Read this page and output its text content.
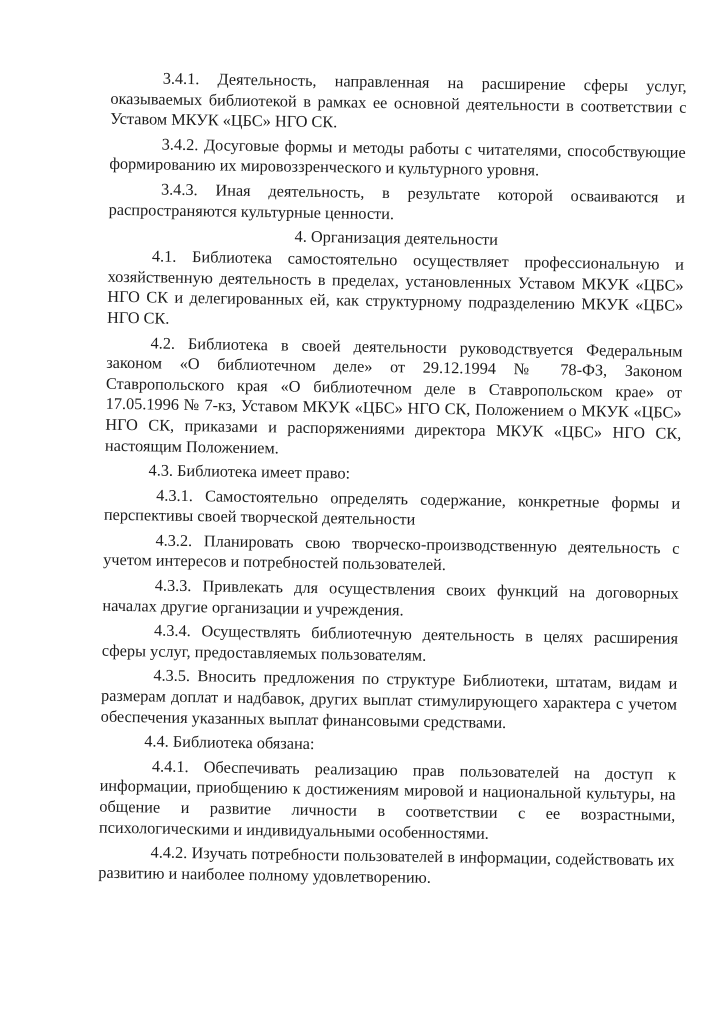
3.4.1. Деятельность, направленная на расширение сферы услуг, оказываемых библиотекой в рамках ее основной деятельности в соответствии с Уставом МКУК «ЦБС» НГО СК.

3.4.2. Досуговые формы и методы работы с читателями, способствующие формированию их мировоззренческого и культурного уровня.

3.4.3. Иная деятельность, в результате которой осваиваются и распространяются культурные ценности.

4. Организация деятельности

4.1. Библиотека самостоятельно осуществляет профессиональную и хозяйственную деятельность в пределах, установленных Уставом МКУК «ЦБС» НГО СК и делегированных ей, как структурному подразделению МКУК «ЦБС» НГО СК.

4.2. Библиотека в своей деятельности руководствуется Федеральным законом «О библиотечном деле» от 29.12.1994 № 78-ФЗ, Законом Ставропольского края «О библиотечном деле в Ставропольском крае» от 17.05.1996 № 7-кз, Уставом МКУК «ЦБС» НГО СК, Положением о МКУК «ЦБС» НГО СК, приказами и распоряжениями директора МКУК «ЦБС» НГО СК, настоящим Положением.

4.3. Библиотека имеет право:

4.3.1. Самостоятельно определять содержание, конкретные формы и перспективы своей творческой деятельности

4.3.2. Планировать свою творческо-производственную деятельность с учетом интересов и потребностей пользователей.

4.3.3. Привлекать для осуществления своих функций на договорных началах другие организации и учреждения.

4.3.4. Осуществлять библиотечную деятельность в целях расширения сферы услуг, предоставляемых пользователям.

4.3.5. Вносить предложения по структуре Библиотеки, штатам, видам и размерам доплат и надбавок, других выплат стимулирующего характера с учетом обеспечения указанных выплат финансовыми средствами.

4.4. Библиотека обязана:

4.4.1. Обеспечивать реализацию прав пользователей на доступ к информации, приобщению к достижениям мировой и национальной культуры, на общение и развитие личности в соответствии с ее возрастными, психологическими и индивидуальными особенностями.

4.4.2. Изучать потребности пользователей в информации, содействовать их развитию и наиболее полному удовлетворению.
